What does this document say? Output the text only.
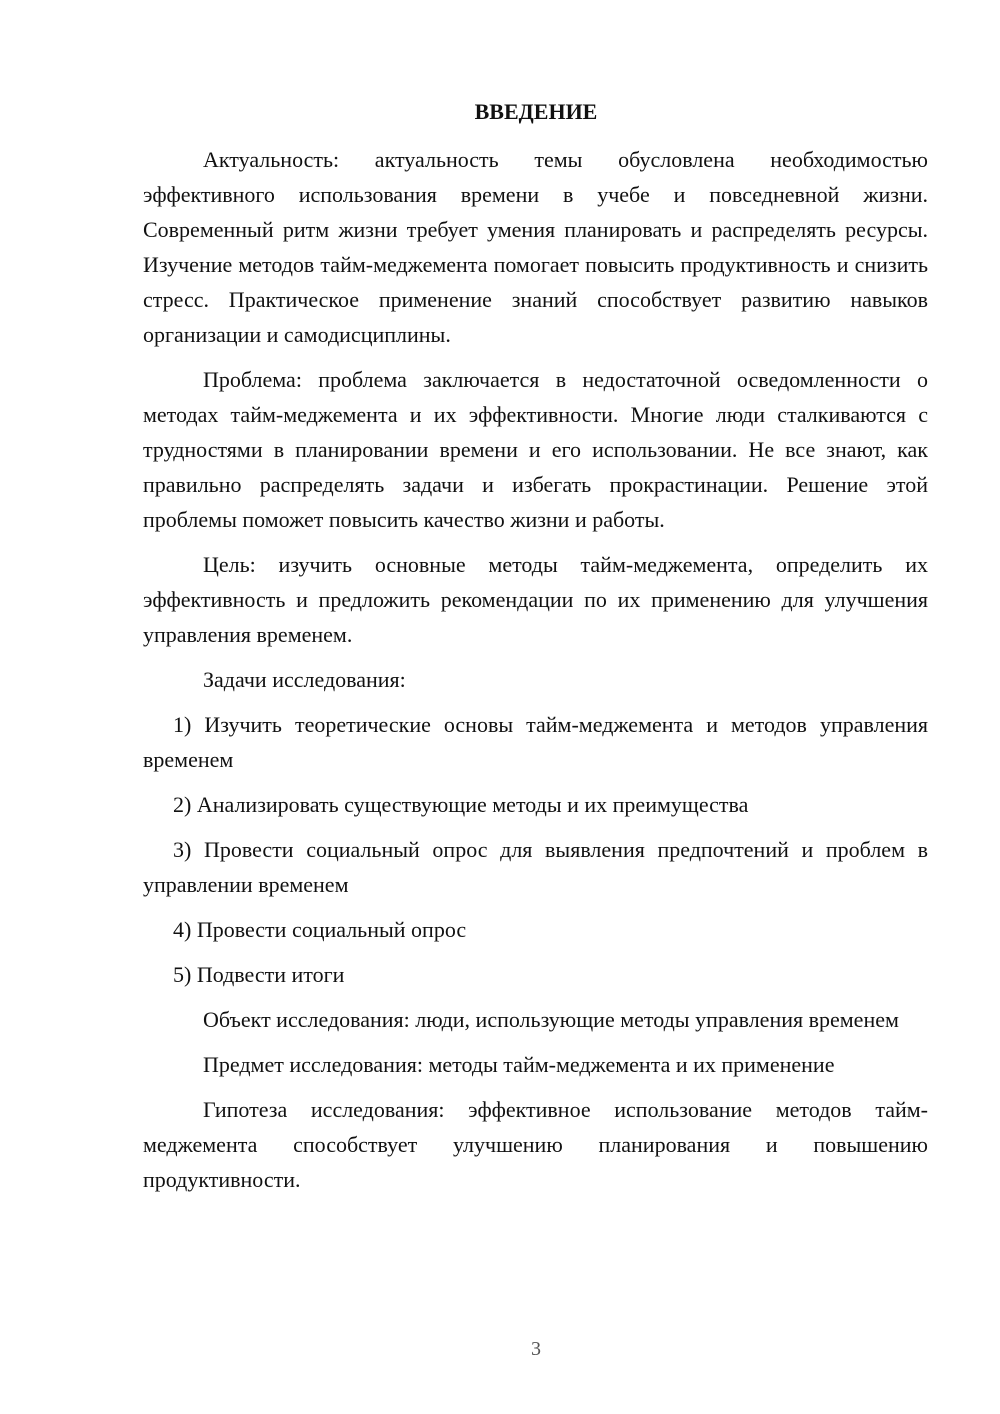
ВВЕДЕНИЕ

Актуальность: актуальность темы обусловлена необходимостью эффективного использования времени в учебе и повседневной жизни. Современный ритм жизни требует умения планировать и распределять ресурсы. Изучение методов тайм-меджемента помогает повысить продуктивность и снизить стресс. Практическое применение знаний способствует развитию навыков организации и самодисциплины.

Проблема: проблема заключается в недостаточной осведомленности о методах тайм-меджемента и их эффективности. Многие люди сталкиваются с трудностями в планировании времени и его использовании. Не все знают, как правильно распределять задачи и избегать прокрастинации. Решение этой проблемы поможет повысить качество жизни и работы.

Цель: изучить основные методы тайм-меджемента, определить их эффективность и предложить рекомендации по их применению для улучшения управления временем.

Задачи исследования:

1) Изучить теоретические основы тайм-меджемента и методов управления временем

2) Анализировать существующие методы и их преимущества

3) Провести социальный опрос для выявления предпочтений и проблем в управлении временем

4) Провести социальный опрос

5) Подвести итоги

Объект исследования: люди, использующие методы управления временем

Предмет исследования: методы тайм-меджемента и их применение

Гипотеза исследования: эффективное использование методов тайм-меджемента способствует улучшению планирования и повышению продуктивности.

3
